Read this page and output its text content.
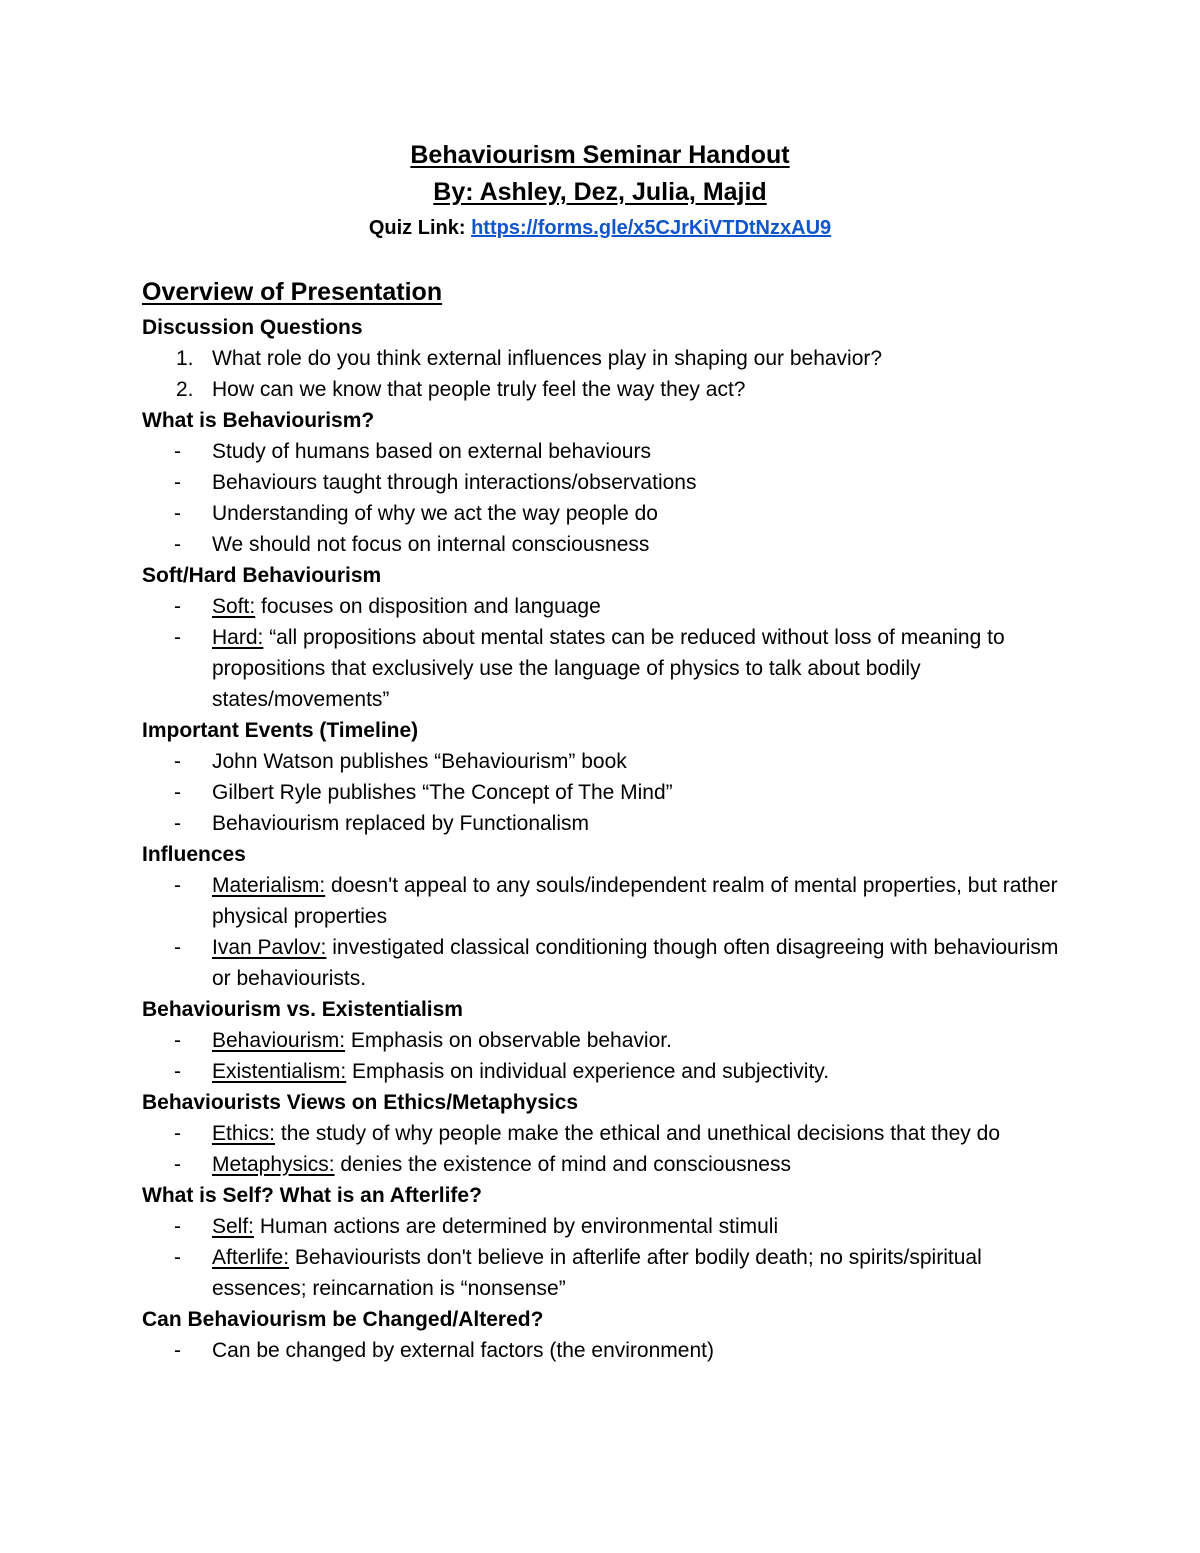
Behaviourism Seminar Handout
By: Ashley, Dez, Julia, Majid
Quiz Link: https://forms.gle/x5CJrKiVTDtNzxAU9
Overview of Presentation
Discussion Questions
1. What role do you think external influences play in shaping our behavior?
2. How can we know that people truly feel the way they act?
What is Behaviourism?
- Study of humans based on external behaviours
- Behaviours taught through interactions/observations
- Understanding of why we act the way people do
- We should not focus on internal consciousness
Soft/Hard Behaviourism
- Soft: focuses on disposition and language
- Hard: “all propositions about mental states can be reduced without loss of meaning to propositions that exclusively use the language of physics to talk about bodily states/movements”
Important Events (Timeline)
- John Watson publishes “Behaviourism” book
- Gilbert Ryle publishes “The Concept of The Mind”
- Behaviourism replaced by Functionalism
Influences
- Materialism: doesn't appeal to any souls/independent realm of mental properties, but rather physical properties
- Ivan Pavlov: investigated classical conditioning though often disagreeing with behaviourism or behaviourists.
Behaviourism vs. Existentialism
- Behaviourism: Emphasis on observable behavior.
- Existentialism: Emphasis on individual experience and subjectivity.
Behaviourists Views on Ethics/Metaphysics
- Ethics: the study of why people make the ethical and unethical decisions that they do
- Metaphysics: denies the existence of mind and consciousness
What is Self? What is an Afterlife?
- Self: Human actions are determined by environmental stimuli
- Afterlife: Behaviourists don't believe in afterlife after bodily death; no spirits/spiritual essences; reincarnation is “nonsense”
Can Behaviourism be Changed/Altered?
- Can be changed by external factors (the environment)
